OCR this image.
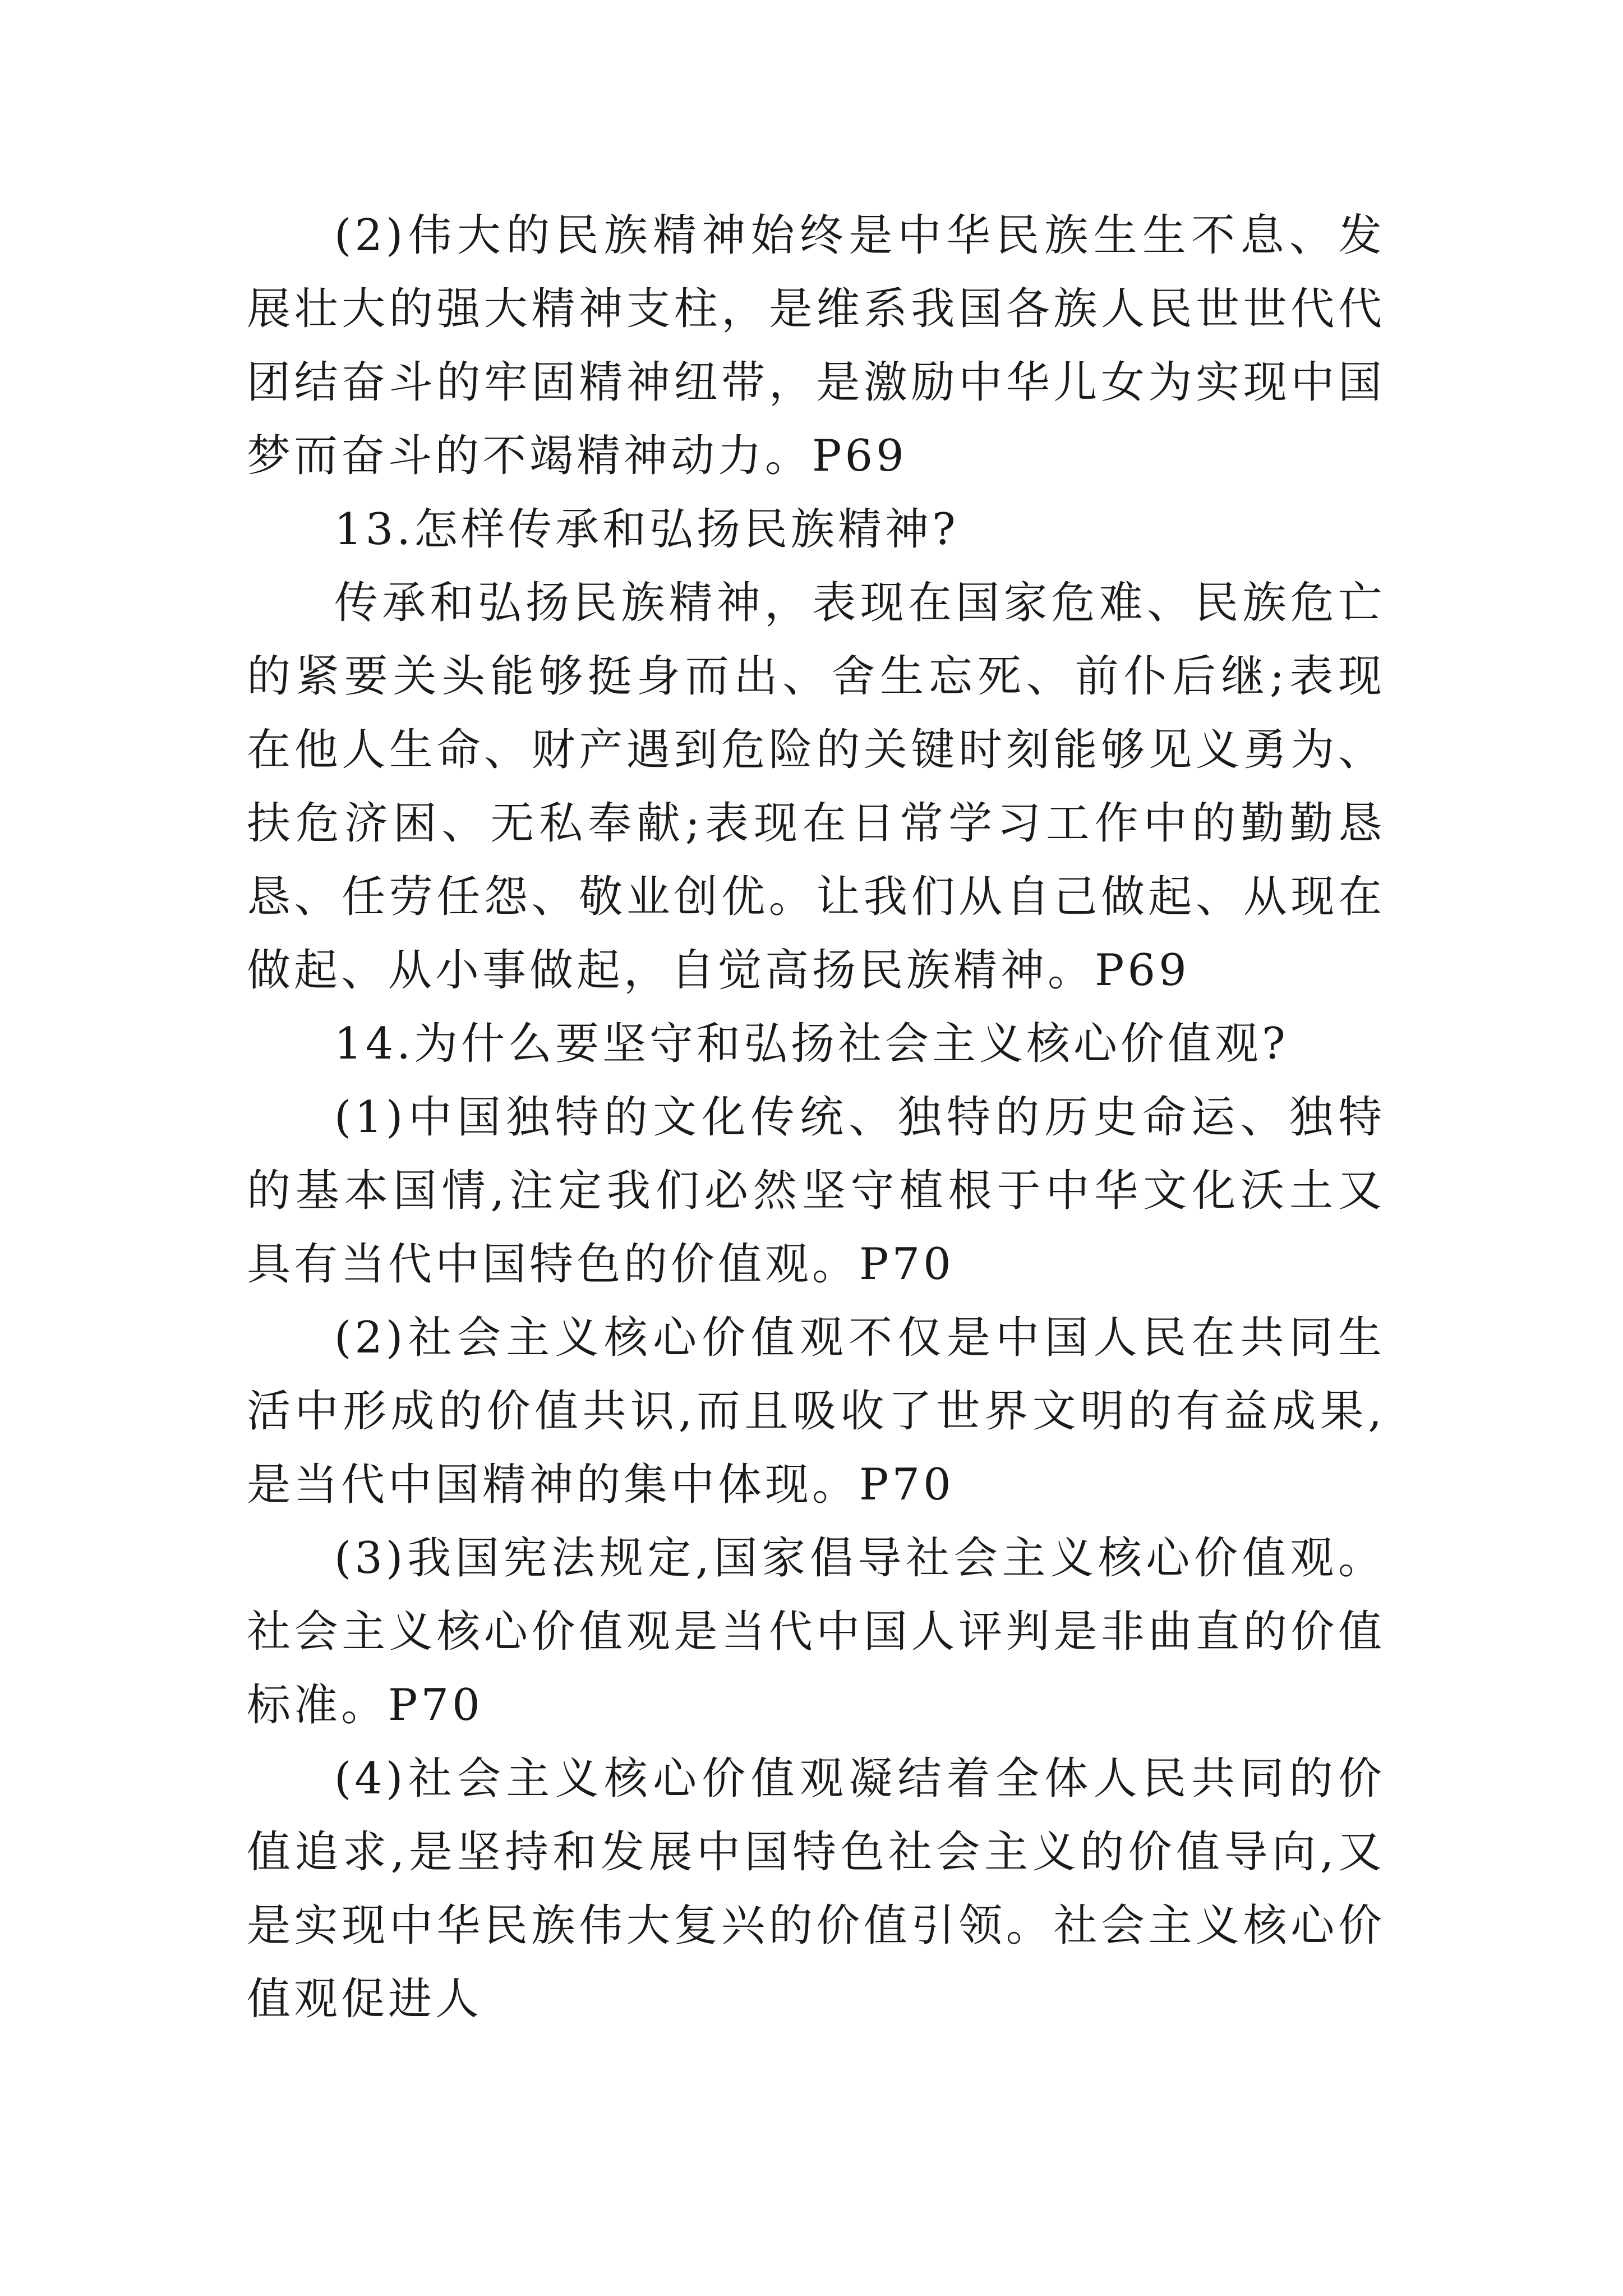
(2)伟大的民族精神始终是中华民族生生不息、发展壮大的强大精神支柱，是维系我国各族人民世世代代团结奋斗的牢固精神纽带，是激励中华儿女为实现中国梦而奋斗的不竭精神动力。P69

13.怎样传承和弘扬民族精神?

传承和弘扬民族精神，表现在国家危难、民族危亡的紧要关头能够挺身而出、舍生忘死、前仆后继;表现在他人生命、财产遇到危险的关键时刻能够见义勇为、扶危济困、无私奉献;表现在日常学习工作中的勤勤恳恳、任劳任怨、敬业创优。让我们从自己做起、从现在做起、从小事做起，自觉高扬民族精神。P69

14.为什么要坚守和弘扬社会主义核心价值观?

(1)中国独特的文化传统、独特的历史命运、独特的基本国情,注定我们必然坚守植根于中华文化沃土又具有当代中国特色的价值观。P70

(2)社会主义核心价值观不仅是中国人民在共同生活中形成的价值共识,而且吸收了世界文明的有益成果,是当代中国精神的集中体现。P70

(3)我国宪法规定,国家倡导社会主义核心价值观。社会主义核心价值观是当代中国人评判是非曲直的价值标准。P70

(4)社会主义核心价值观凝结着全体人民共同的价值追求,是坚持和发展中国特色社会主义的价值导向,又是实现中华民族伟大复兴的价值引领。社会主义核心价值观促进人
